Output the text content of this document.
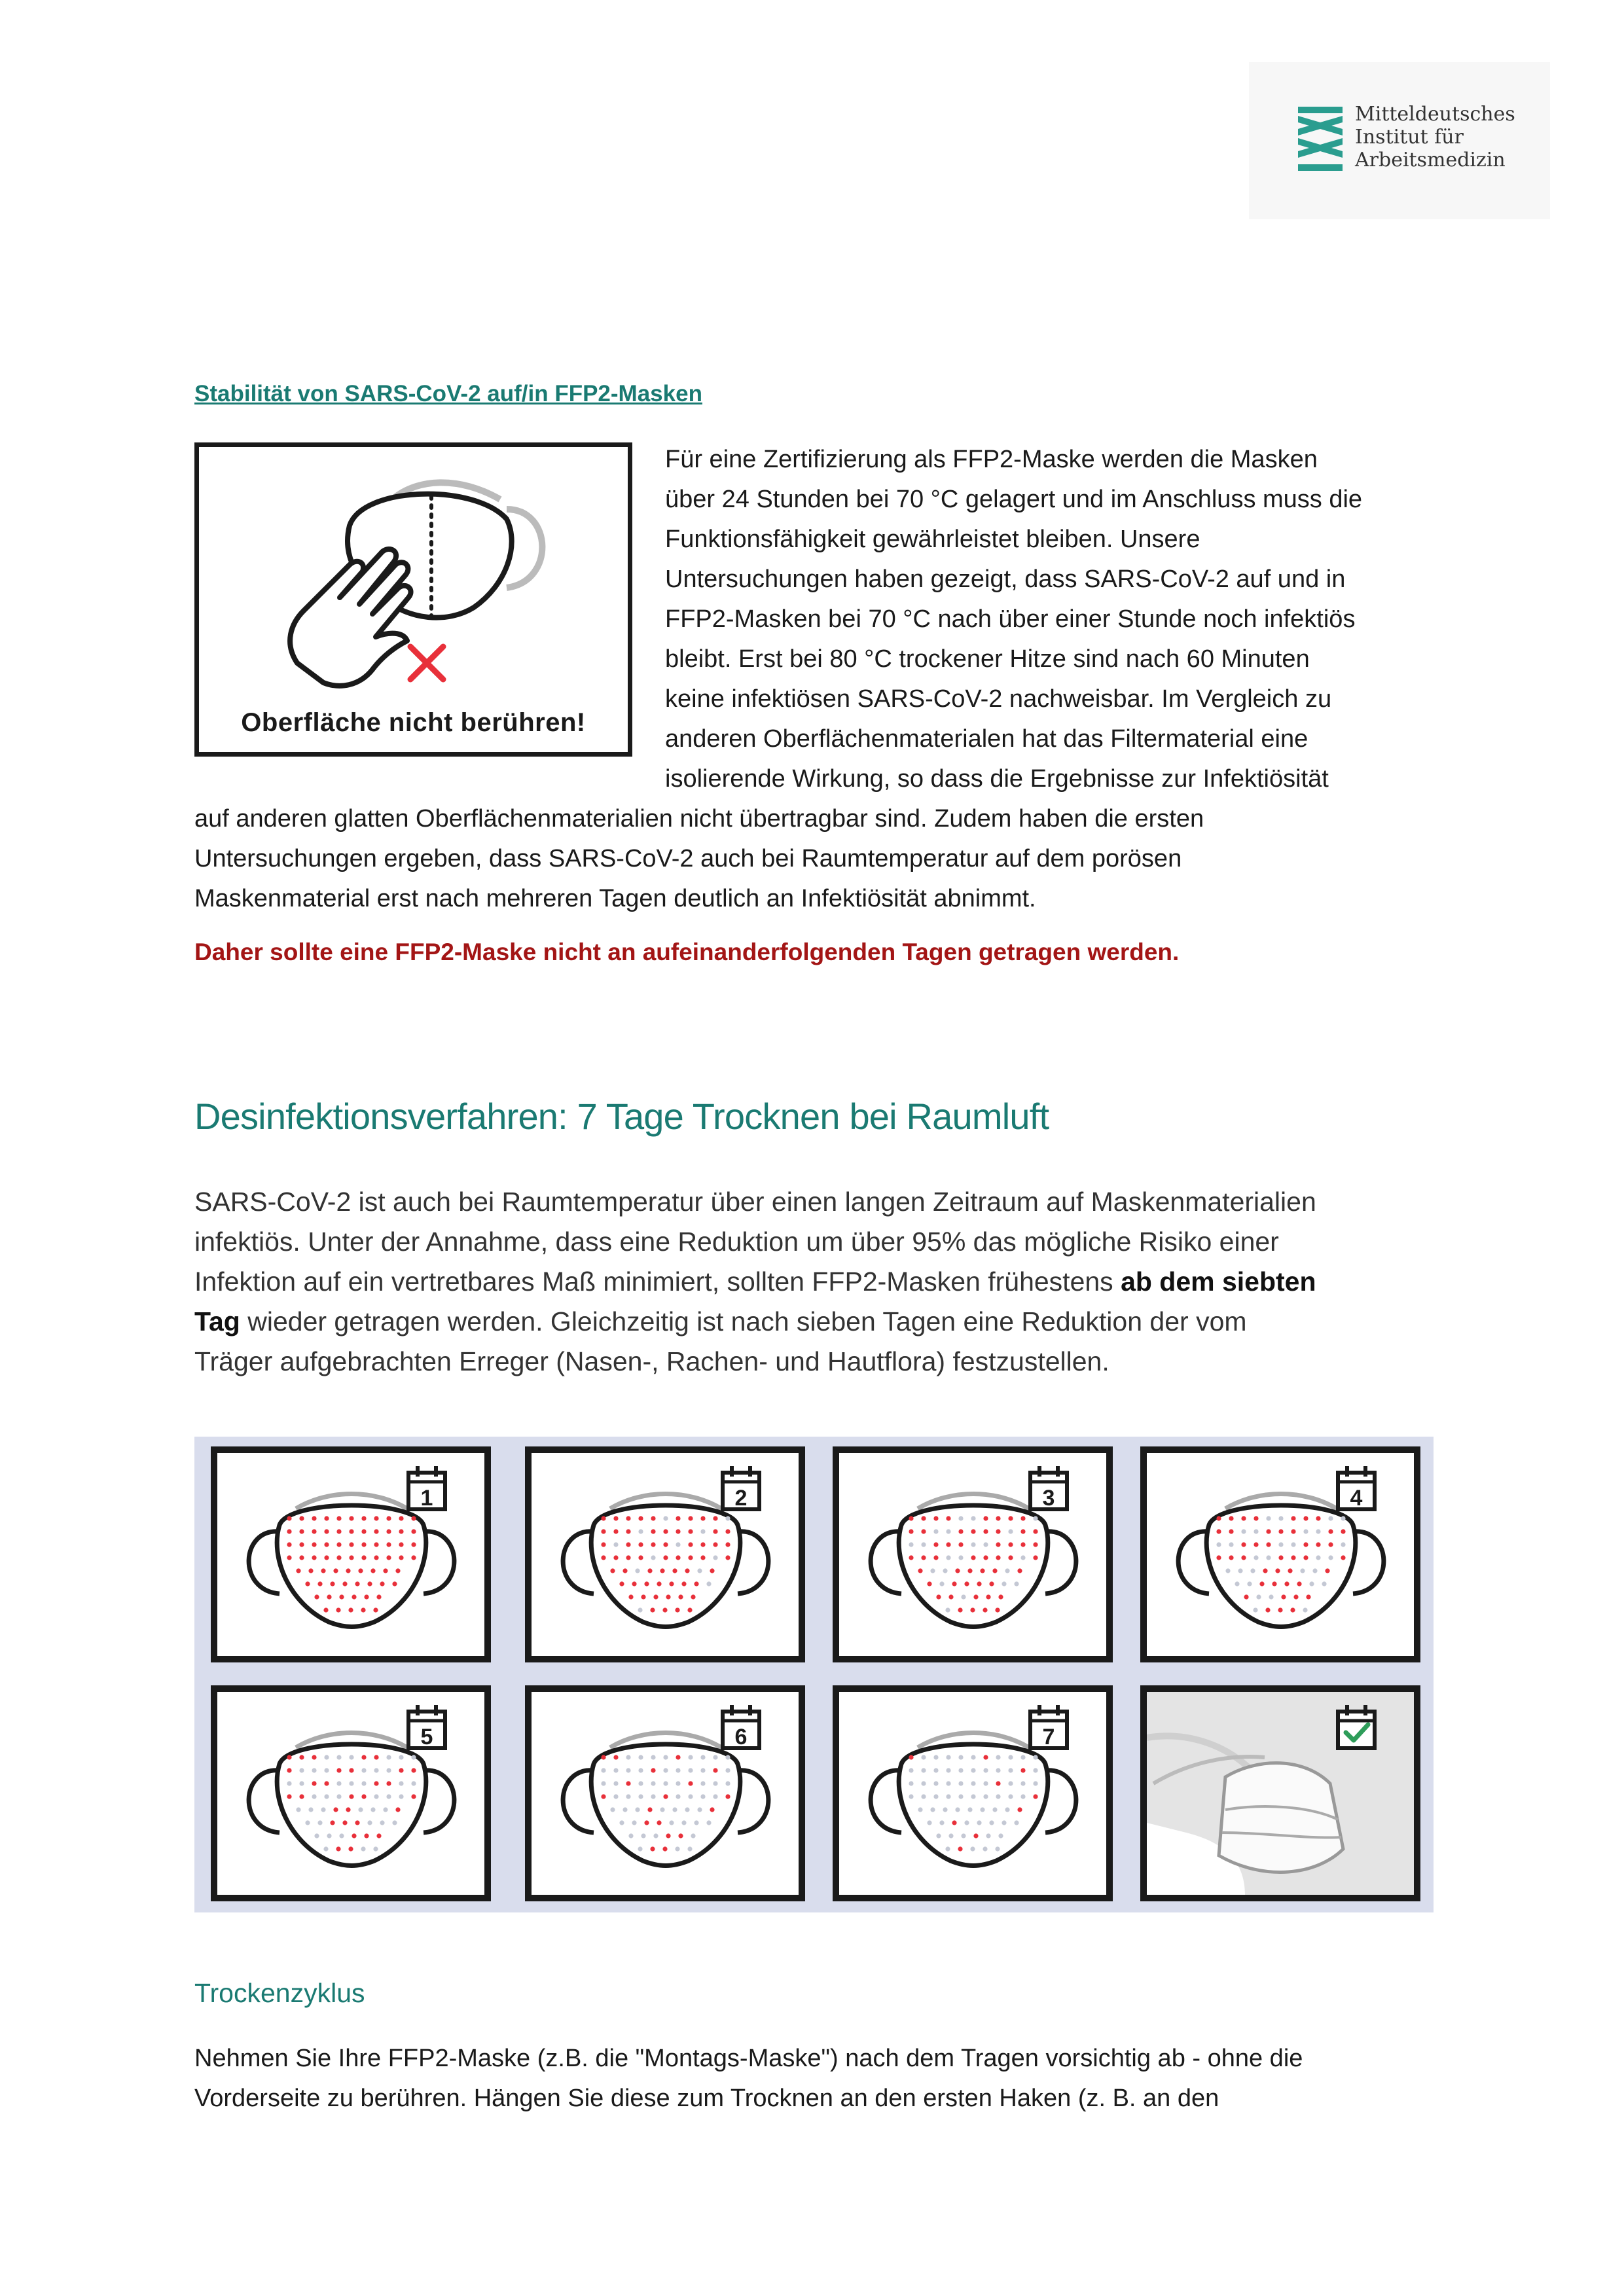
Mitteldeutsches
Institut für
Arbeitsmedizin
Stabilität von SARS-CoV-2 auf/in FFP2-Masken
Oberfläche nicht berühren!
Für eine Zertifizierung als FFP2-Maske werden die Masken
über 24 Stunden bei 70 °C gelagert und im Anschluss muss die
Funktionsfähigkeit gewährleistet bleiben. Unsere
Untersuchungen haben gezeigt, dass SARS-CoV-2 auf und in
FFP2-Masken bei 70 °C nach über einer Stunde noch infektiös
bleibt. Erst bei 80 °C trockener Hitze sind nach 60 Minuten
keine infektiösen SARS-CoV-2 nachweisbar. Im Vergleich zu
anderen Oberflächenmaterialen hat das Filtermaterial eine
isolierende Wirkung, so dass die Ergebnisse zur Infektiösität
auf anderen glatten Oberflächenmaterialien nicht übertragbar sind. Zudem haben die ersten
Untersuchungen ergeben, dass SARS-CoV-2 auch bei Raumtemperatur auf dem porösen
Maskenmaterial erst nach mehreren Tagen deutlich an Infektiösität abnimmt.
Daher sollte eine FFP2-Maske nicht an aufeinanderfolgenden Tagen getragen werden.
Desinfektionsverfahren: 7 Tage Trocknen bei Raumluft
SARS-CoV-2 ist auch bei Raumtemperatur über einen langen Zeitraum auf Maskenmaterialien
infektiös. Unter der Annahme, dass eine Reduktion um über 95% das mögliche Risiko einer
Infektion auf ein vertretbares Maß minimiert, sollten FFP2-Masken frühestens ab dem siebten
Tag wieder getragen werden. Gleichzeitig ist nach sieben Tagen eine Reduktion der vom
Träger aufgebrachten Erreger (Nasen-, Rachen- und Hautflora) festzustellen.
1	2	3	4
5	6	7
Trockenzyklus
Nehmen Sie Ihre FFP2-Maske (z.B. die "Montags-Maske") nach dem Tragen vorsichtig ab - ohne die
Vorderseite zu berühren. Hängen Sie diese zum Trocknen an den ersten Haken (z. B. an den
